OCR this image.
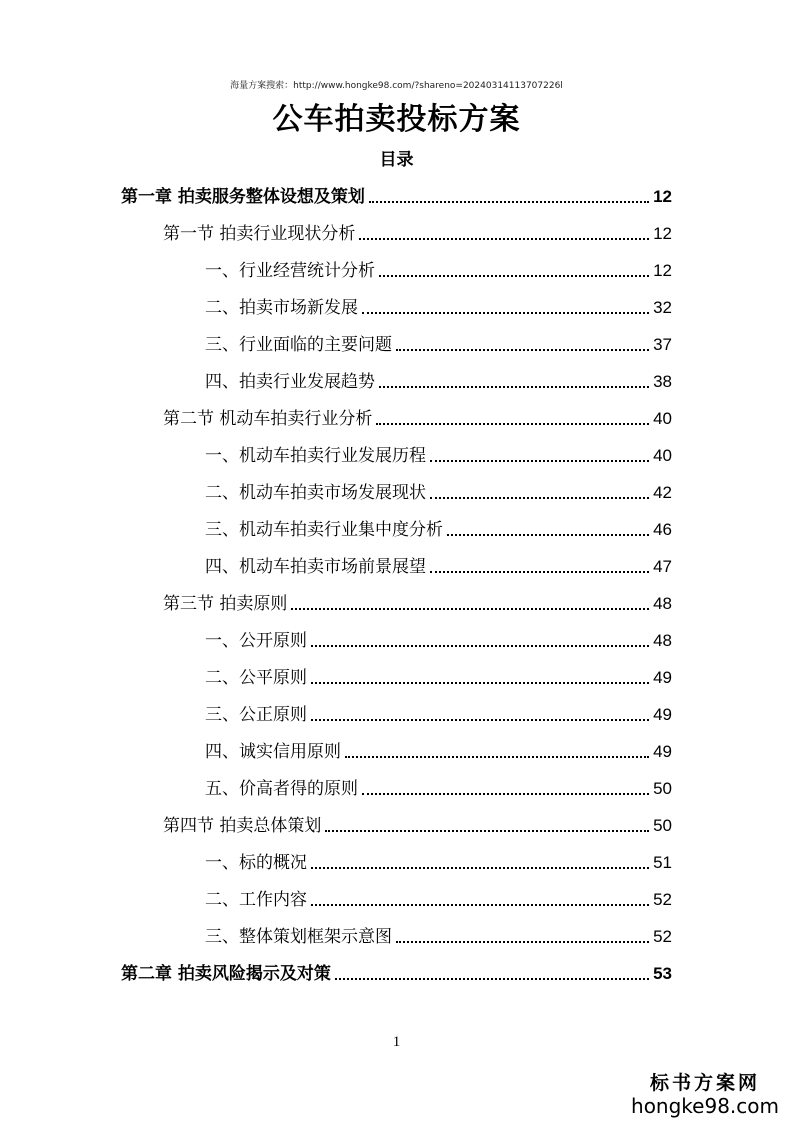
海量方案搜索：http://www.hongke98.com/?shareno=20240314113707226l
公车拍卖投标方案
目录
第一章 拍卖服务整体设想及策划	12
第一节 拍卖行业现状分析	12
一、行业经营统计分析	12
二、拍卖市场新发展	32
三、行业面临的主要问题	37
四、拍卖行业发展趋势	38
第二节 机动车拍卖行业分析	40
一、机动车拍卖行业发展历程	40
二、机动车拍卖市场发展现状	42
三、机动车拍卖行业集中度分析	46
四、机动车拍卖市场前景展望	47
第三节 拍卖原则	48
一、公开原则	48
二、公平原则	49
三、公正原则	49
四、诚实信用原则	49
五、价高者得的原则	50
第四节 拍卖总体策划	50
一、标的概况	51
二、工作内容	52
三、整体策划框架示意图	52
第二章 拍卖风险揭示及对策	53
1
标书方案网
hongke98.com
